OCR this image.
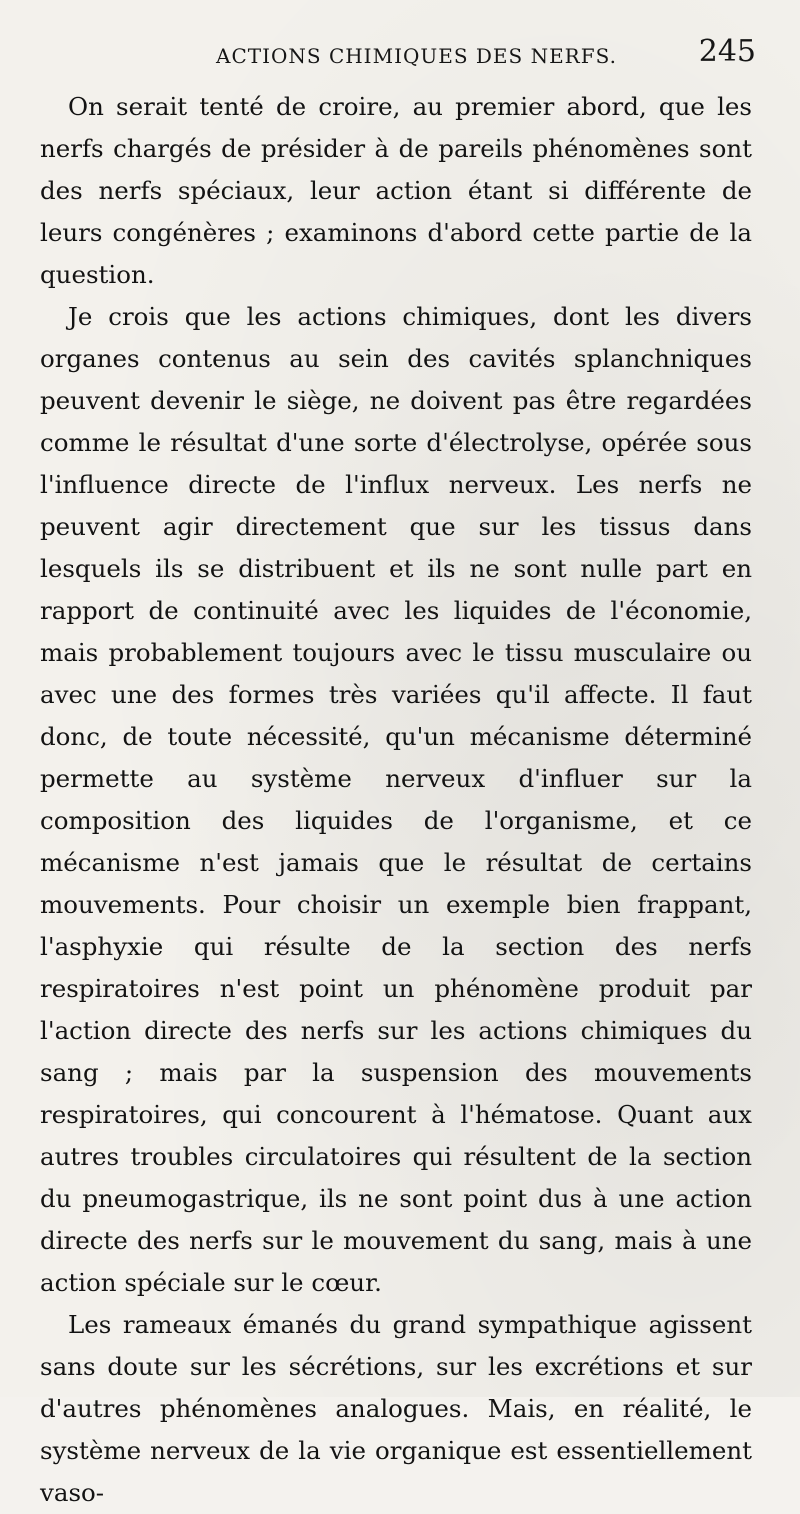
ACTIONS CHIMIQUES DES NERFS.	245

On serait tenté de croire, au premier abord, que les nerfs chargés de présider à de pareils phénomènes sont des nerfs spéciaux, leur action étant si différente de leurs congénères ; examinons d'abord cette partie de la question.

Je crois que les actions chimiques, dont les divers organes contenus au sein des cavités splanchniques peuvent devenir le siège, ne doivent pas être regardées comme le résultat d'une sorte d'électrolyse, opérée sous l'influence directe de l'influx nerveux. Les nerfs ne peuvent agir directement que sur les tissus dans lesquels ils se distribuent et ils ne sont nulle part en rapport de continuité avec les liquides de l'économie, mais probablement toujours avec le tissu musculaire ou avec une des formes très variées qu'il affecte. Il faut donc, de toute nécessité, qu'un mécanisme déterminé permette au système nerveux d'influer sur la composition des liquides de l'organisme, et ce mécanisme n'est jamais que le résultat de certains mouvements. Pour choisir un exemple bien frappant, l'asphyxie qui résulte de la section des nerfs respiratoires n'est point un phénomène produit par l'action directe des nerfs sur les actions chimiques du sang ; mais par la suspension des mouvements respiratoires, qui concourent à l'hématose. Quant aux autres troubles circulatoires qui résultent de la section du pneumogastrique, ils ne sont point dus à une action directe des nerfs sur le mouvement du sang, mais à une action spéciale sur le cœur.

Les rameaux émanés du grand sympathique agissent sans doute sur les sécrétions, sur les excrétions et sur d'autres phénomènes analogues. Mais, en réalité, le système nerveux de la vie organique est essentiellement vaso-
